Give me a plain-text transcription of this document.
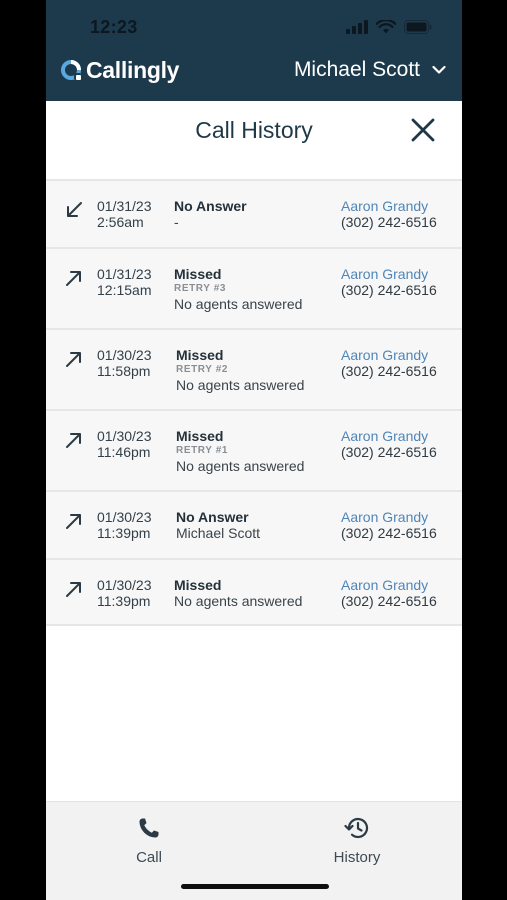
12:23
Callingly	Michael Scott
Call History
01/31/23
2:56am
No Answer
-
Aaron Grandy
(302) 242-6516
01/31/23
12:15am
Missed
RETRY #3
No agents answered
Aaron Grandy
(302) 242-6516
01/30/23
11:58pm
Missed
RETRY #2
No agents answered
Aaron Grandy
(302) 242-6516
01/30/23
11:46pm
Missed
RETRY #1
No agents answered
Aaron Grandy
(302) 242-6516
01/30/23
11:39pm
No Answer
Michael Scott
Aaron Grandy
(302) 242-6516
01/30/23
11:39pm
Missed
No agents answered
Aaron Grandy
(302) 242-6516
Call	History
